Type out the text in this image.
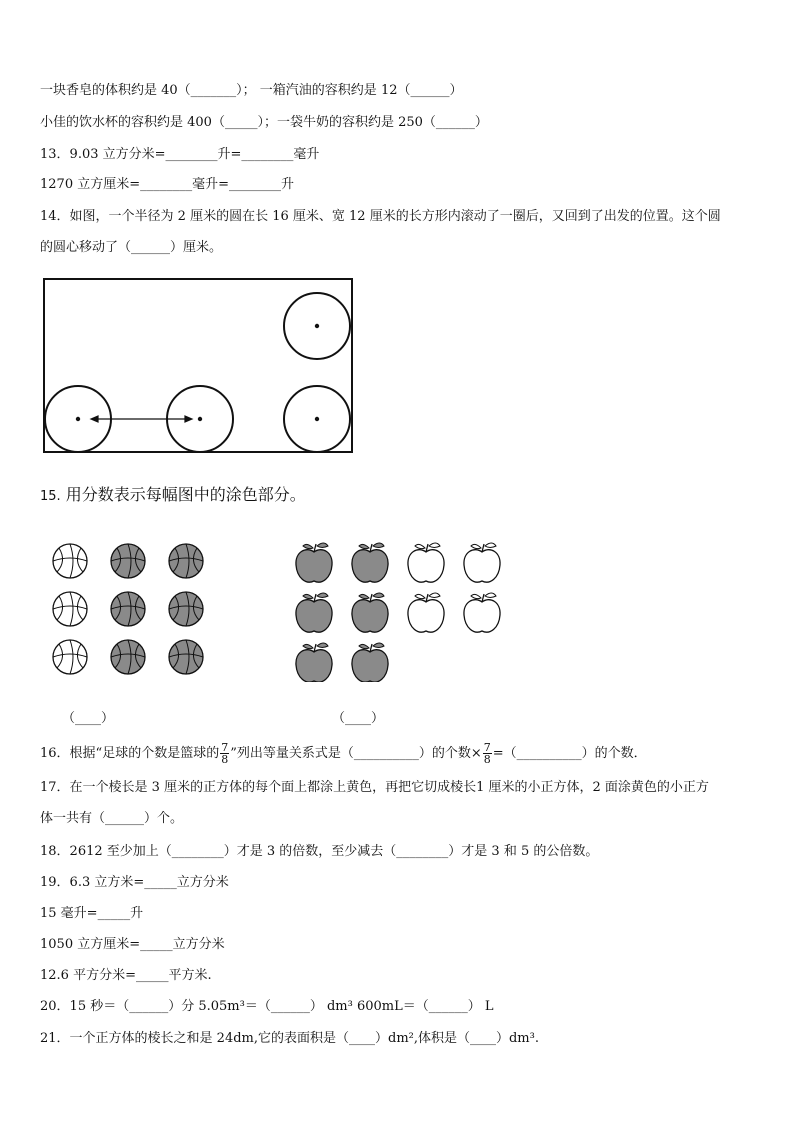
一块香皂的体积约是 40（_______）； 一箱汽油的容积约是 12（______）
小佳的饮水杯的容积约是 400（_____）；一袋牛奶的容积约是 250（______）
13．9.03 立方分米=________升=________毫升
1270 立方厘米=________毫升=________升
14．如图，一个半径为 2 厘米的圆在长 16 厘米、宽 12 厘米的长方形内滚动了一圈后，又回到了出发的位置。这个圆
的圆心移动了（______）厘米。
15. 用分数表示每幅图中的涂色部分。
（____）	（____）
16．根据“足球的个数是篮球的 $\frac{7}{8}$ ”列出等量关系式是（__________）的个数× $\frac{7}{8}$ =（__________）的个数．
17．在一个棱长是 3 厘米的正方体的每个面上都涂上黄色，再把它切成棱长1 厘米的小正方体，2 面涂黄色的小正方
体一共有（______）个。
18．2612 至少加上（________）才是 3 的倍数，至少减去（________）才是 3 和 5 的公倍数。
19．6.3 立方米=_____立方分米
15 毫升=_____升
1050 立方厘米=_____立方分米
12.6 平方分米=_____平方米.
20．15 秒＝（______）分 5.05m³＝（______） dm³ 600mL＝（______） L
21．一个正方体的棱长之和是 24dm,它的表面积是（____）dm²,体积是（____）dm³.
